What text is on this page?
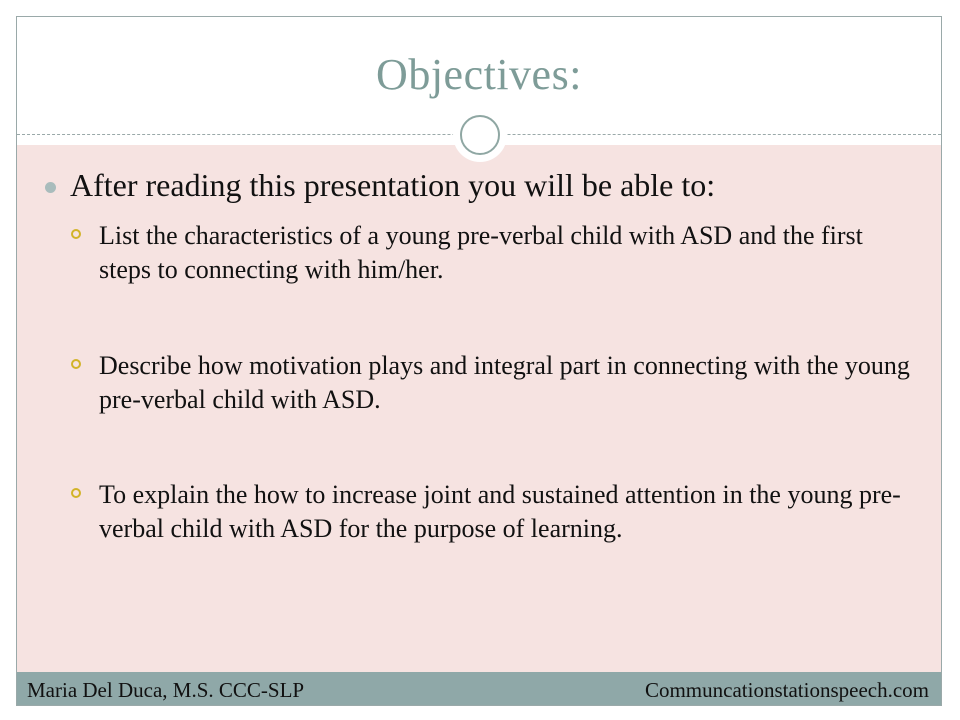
Objectives:
After reading this presentation you will be able to:
List the characteristics of a young pre-verbal child with ASD and the first steps to connecting with him/her.
Describe how motivation plays and integral part in connecting with the young pre-verbal child with ASD.
To explain the how to increase joint and sustained attention in the young pre-verbal child with ASD for the purpose of learning.
Maria Del Duca, M.S. CCC-SLP	Communcationstationspeech.com
